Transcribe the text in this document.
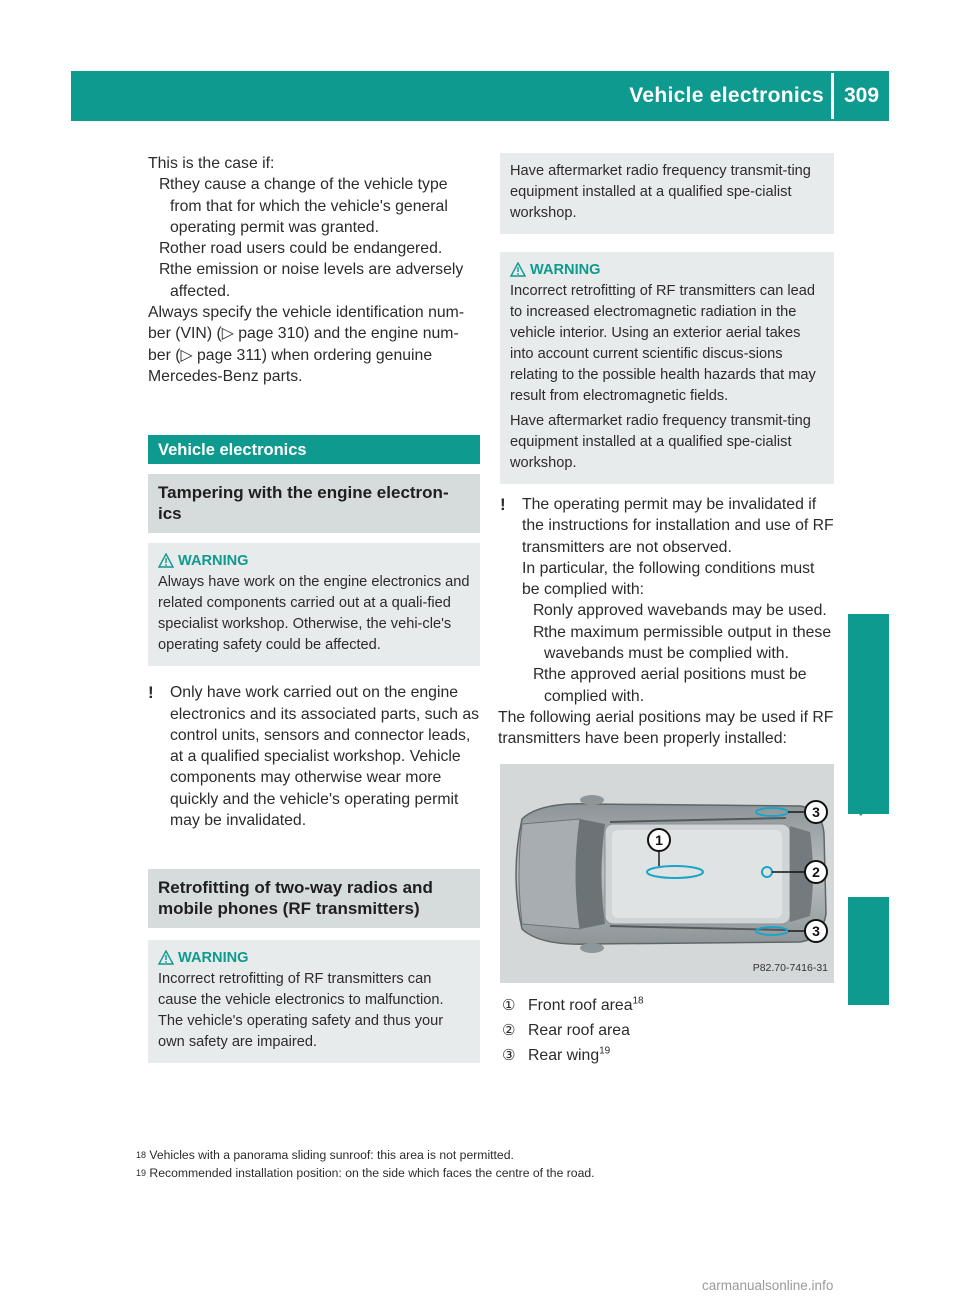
Vehicle electronics 309
Technical data

This is the case if:

R they cause a change of the vehicle type from that for which the vehicle's general operating permit was granted.
R other road users could be endangered.
R the emission or noise levels are adversely affected.

Always specify the vehicle identification num-ber (VIN) (▷ page 310) and the engine num-ber (▷ page 311) when ordering genuine Mercedes-Benz parts.

Vehicle electronics
Tampering with the engine electron-ics
WARNING

Always have work on the engine electronics and related components carried out at a quali-fied specialist workshop. Otherwise, the vehi-cle's operating safety could be affected.

! Only have work carried out on the engine electronics and its associated parts, such as control units, sensors and connector leads, at a qualified specialist workshop. Vehicle components may otherwise wear more quickly and the vehicle's operating permit may be invalidated.

Retrofitting of two-way radios and mobile phones (RF transmitters)
WARNING

Incorrect retrofitting of RF transmitters can cause the vehicle electronics to malfunction. The vehicle's operating safety and thus your own safety are impaired.

Have aftermarket radio frequency transmit-ting equipment installed at a qualified spe-cialist workshop.

WARNING

Incorrect retrofitting of RF transmitters can lead to increased electromagnetic radiation in the vehicle interior. Using an exterior aerial takes into account current scientific discus-sions relating to the possible health hazards that may result from electromagnetic fields.

Have aftermarket radio frequency transmit-ting equipment installed at a qualified spe-cialist workshop.

! The operating permit may be invalidated if the instructions for installation and use of RF transmitters are not observed.

In particular, the following conditions must be complied with:

R only approved wavebands may be used.
R the maximum permissible output in these wavebands must be complied with.
R the approved aerial positions must be complied with.

The following aerial positions may be used if RF transmitters have been properly installed:

1
2
3
3
P82.70-7416-31
① Front roof area$^{18}$
② Rear roof area
③ Rear wing$^{19}$
$^{18}$ Vehicles with a panorama sliding sunroof: this area is not permitted.
$^{19}$ Recommended installation position: on the side which faces the centre of the road.
carmanualsonline.info
